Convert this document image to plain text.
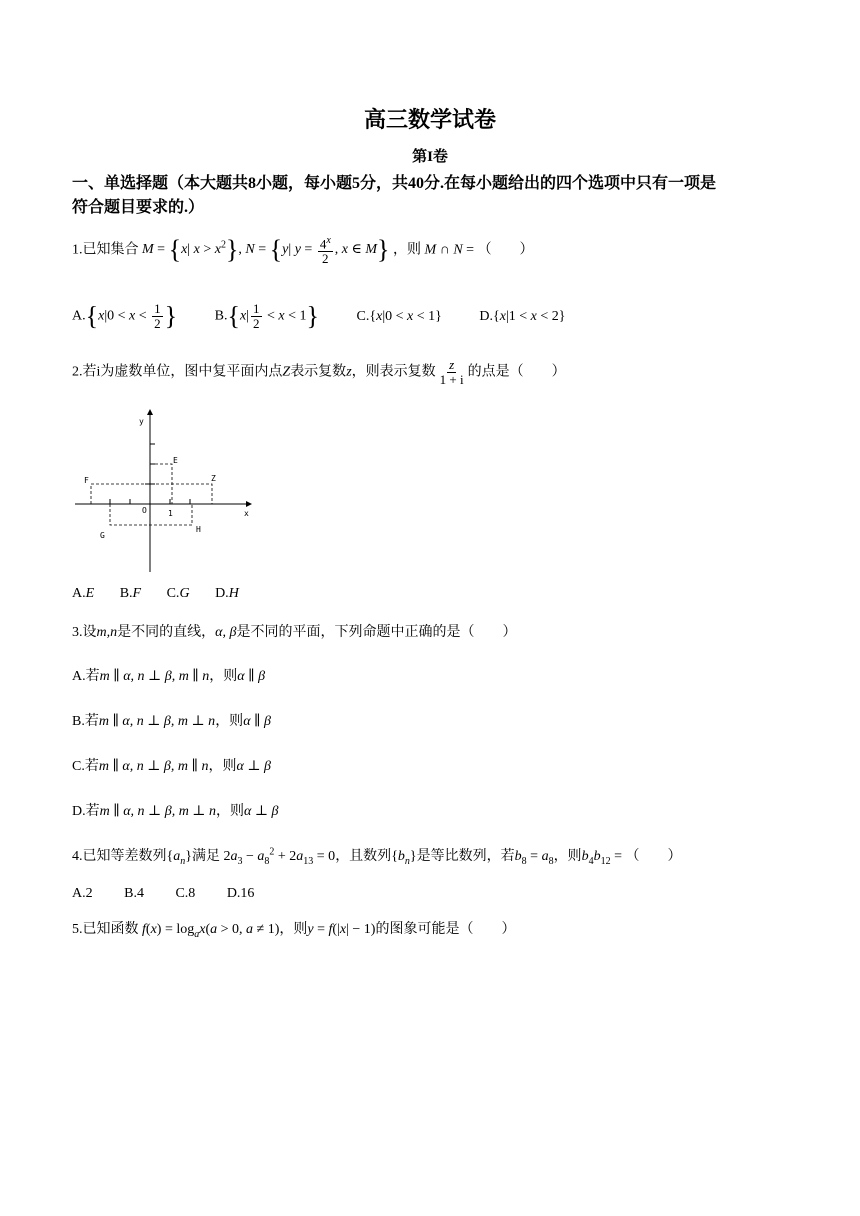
高三数学试卷
第I卷
一、单选择题（本大题共8小题，每小题5分，共40分.在每小题给出的四个选项中只有一项是
符合题目要求的.）
1.已知集合 M = {x| $x > x^2$}, N = {y| $y = \frac{4^x}{2}$ , x ∈ M} ，则 M ∩ N = （　　）
$A.\{x|0 < x < \frac{1}{2}$ }	$B.\{x| \frac{1}{2} < x < 1\}$	C.{x|0 < x < 1}	D.{x|1 < x < 2}
2.若i为虚数单位，图中复平面内点Z表示复数z，则表示复数 $\frac{z}{1 + i}$ 的点是（　　）
y
x
O	1
E
F	Z
G
H
A.E B.F C.G D.H
3.设m,n是不同的直线，α, β是不同的平面，下列命题中正确的是（　　）
A.若m ∥ α, n ⊥ β, m ∥ n，则α ∥ β
B.若m ∥ α, n ⊥ β, m ⊥ n，则α ∥ β
C.若m ∥ α, n ⊥ β, m ∥ n，则α ⊥ β
D.若m ∥ α, n ⊥ β, m ⊥ n，则α ⊥ β
4.已知等差数列$\{a_n\}$满足 $2a_3 - a_8^2 + 2a_{13} = 0$，且数列$\{b_n\}$是等比数列，若$b_8 = a_8$，则$b_4b_{12}$ = （　　）
A.2 B.4 C.8 D.16
5.已知函数 $f(x) = \log_ax(a > 0$, a ≠ 1)，则y = f(|x| − 1)的图象可能是（　　）
